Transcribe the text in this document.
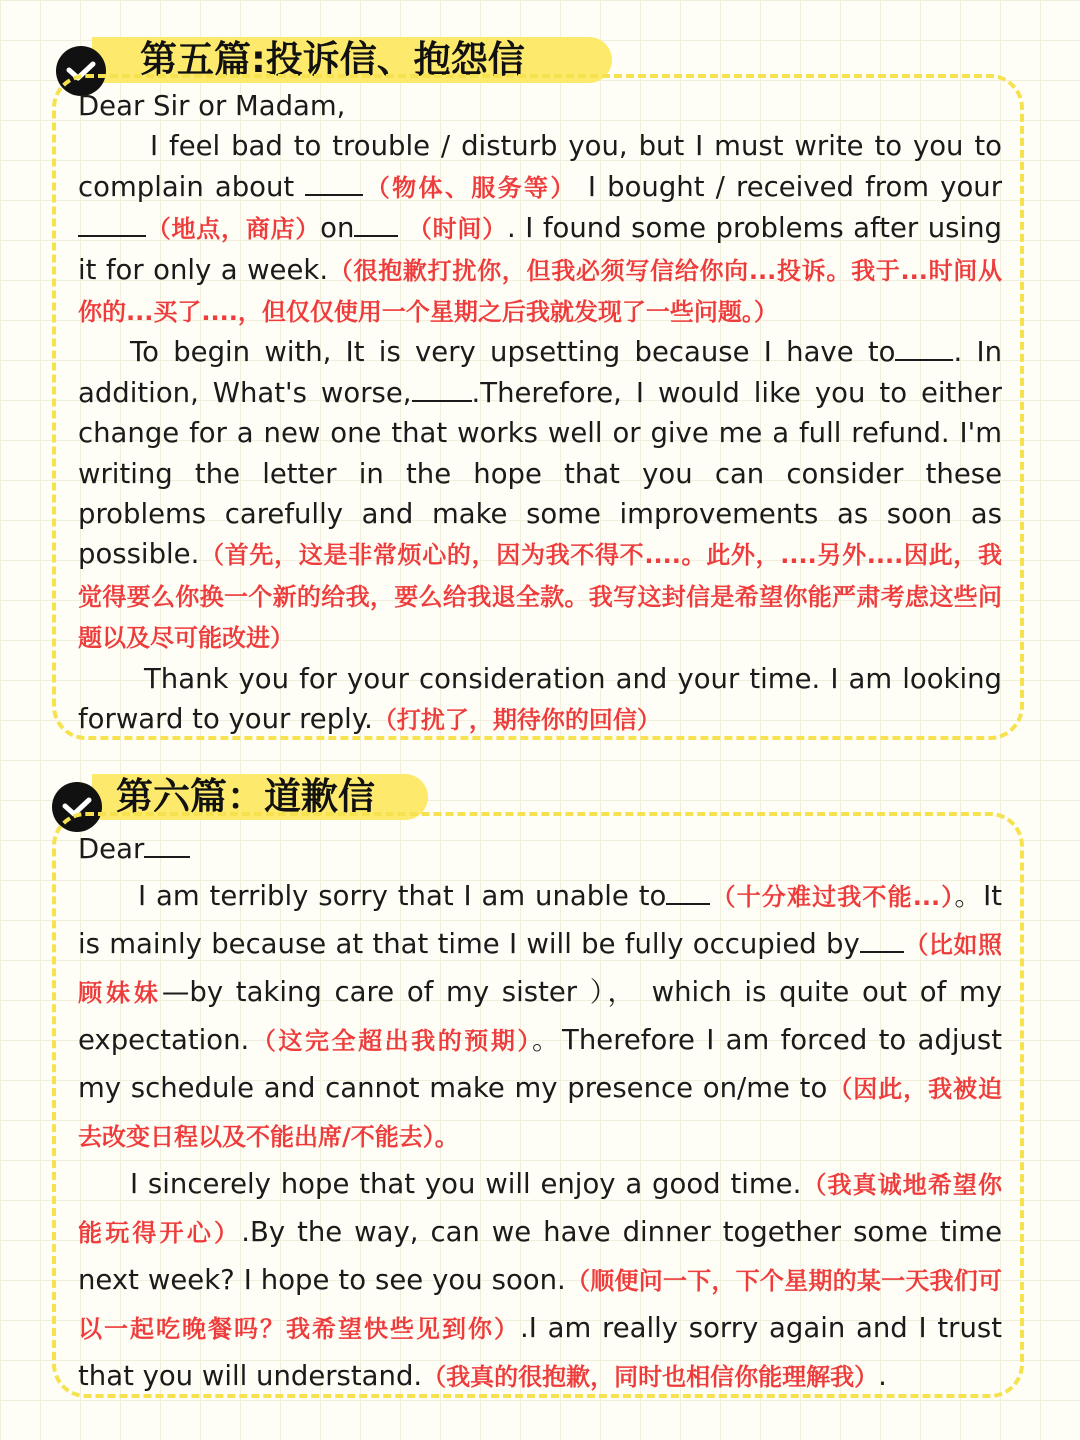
第五篇:投诉信、抱怨信

Dear Sir or Madam,

I feel bad to trouble / disturb you, but I must write to you to complain about （物体、服务等） I bought / received from your（地点，商店）on （时间）. I found some problems after using it for only a week.（很抱歉打扰你，但我必须写信给你向...投诉。我于...时间从你的...买了....，但仅仅使用一个星期之后我就发现了一些问题。）

To begin with, It is very upsetting because I have to . In addition, What's worse, .Therefore, I would like you to either change for a new one that works well or give me a full refund. I'm writing the letter in the hope that you can consider these problems carefully and make some improvements as soon as possible.（首先，这是非常烦心的，因为我不得不....。此外，....另外....因此，我觉得要么你换一个新的给我，要么给我退全款。我写这封信是希望你能严肃考虑这些问题以及尽可能改进）

Thank you for your consideration and your time. I am looking forward to your reply.（打扰了，期待你的回信）

第六篇：道歉信

Dear

I am terribly sorry that I am unable to （十分难过我不能...）。It is mainly because at that time I will be fully occupied by （比如照顾妹妹—by taking care of my sister ）， which is quite out of my expectation.（这完全超出我的预期）。Therefore I am forced to adjust my schedule and cannot make my presence on/me to（因此，我被迫去改变日程以及不能出席/不能去）。

I sincerely hope that you will enjoy a good time.（我真诚地希望你能玩得开心）.By the way, can we have dinner together some time next week? I hope to see you soon.（顺便问一下，下个星期的某一天我们可以一起吃晚餐吗？我希望快些见到你）.I am really sorry again and I trust that you will understand.（我真的很抱歉，同时也相信你能理解我）.
